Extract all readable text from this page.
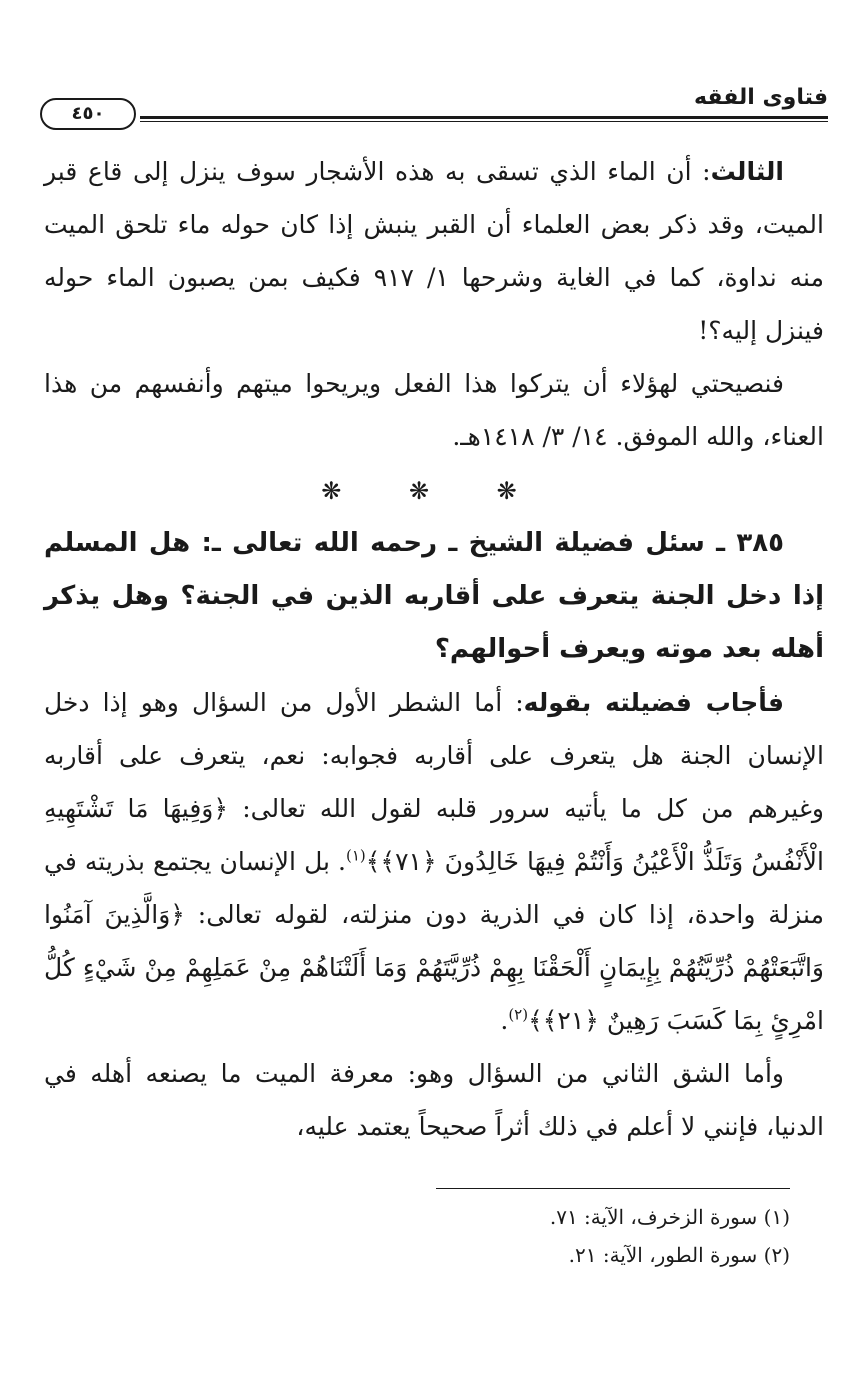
فتاوى الفقه
٤٥٠

الثالث: أن الماء الذي تسقى به هذه الأشجار سوف ينزل إلى قاع قبر الميت، وقد ذكر بعض العلماء أن القبر ينبش إذا كان حوله ماء تلحق الميت منه نداوة، كما في الغاية وشرحها ١/ ٩١٧ فكيف بمن يصبون الماء حوله فينزل إليه؟!

فنصيحتي لهؤلاء أن يتركوا هذا الفعل ويريحوا ميتهم وأنفسهم من هذا العناء، والله الموفق. ١٤/ ٣/ ١٤١٨هـ.

❋ ❋ ❋

٣٨٥ ـ سئل فضيلة الشيخ ـ رحمه الله تعالى ـ: هل المسلم إذا دخل الجنة يتعرف على أقاربه الذين في الجنة؟ وهل يذكر أهله بعد موته ويعرف أحوالهم؟

فأجاب فضيلته بقوله: أما الشطر الأول من السؤال وهو إذا دخل الإنسان الجنة هل يتعرف على أقاربه فجوابه: نعم، يتعرف على أقاربه وغيرهم من كل ما يأتيه سرور قلبه لقول الله تعالى: ﴿وَفِيهَا مَا تَشْتَهِيهِ الْأَنْفُسُ وَتَلَذُّ الْأَعْيُنُ وَأَنْتُمْ فِيهَا خَالِدُونَ ﴿٧١﴾﴾$^{(١)}$. بل الإنسان يجتمع بذريته في منزلة واحدة، إذا كان في الذرية دون منزلته، لقوله تعالى: ﴿وَالَّذِينَ آمَنُوا وَاتَّبَعَتْهُمْ ذُرِّيَّتُهُمْ بِإِيمَانٍ أَلْحَقْنَا بِهِمْ ذُرِّيَّتَهُمْ وَمَا أَلَتْنَاهُمْ مِنْ عَمَلِهِمْ مِنْ شَيْءٍ كُلُّ امْرِئٍ بِمَا كَسَبَ رَهِينٌ ﴿٢١﴾﴾$^{(٢)}$.

وأما الشق الثاني من السؤال وهو: معرفة الميت ما يصنعه أهله في الدنيا، فإنني لا أعلم في ذلك أثراً صحيحاً يعتمد عليه،

(١) سورة الزخرف، الآية: ٧١.
(٢) سورة الطور، الآية: ٢١.
